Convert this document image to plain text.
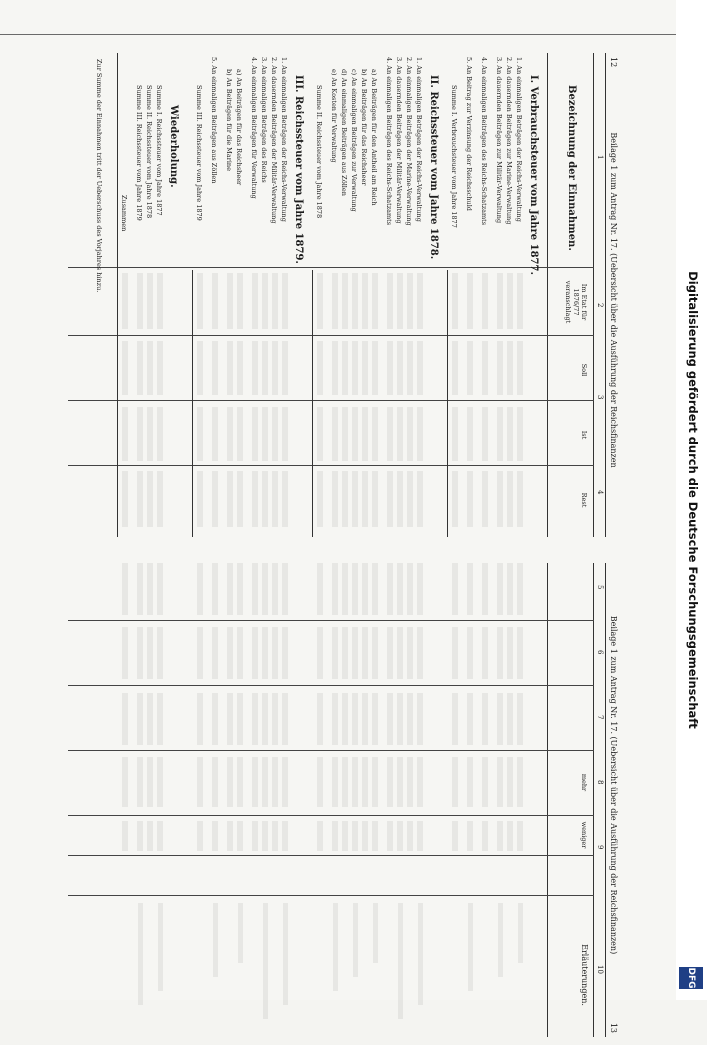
12
Beilage 1 zum Antrag Nr. 17. (Uebersicht über die Ausführung der Reichsfinanzen
1
2
3
4
Bezeichnung der Einnahmen.
Im Etat für 1876/77 veranschlagt
Soll
Ist
Rest
I. Verbrauchsteuer vom Jahre 1877.
1. An einmaligen Beträgen der Reichs-Verwaltung
2. An dauernden Beiträgen zur Marine-Verwaltung
3. An dauernden Beiträgen zur Militär-Verwaltung
4. An einmaligen Beiträgen des Reichs-Schatzamts
5. An Beitrag zur Verzinsung der Reichsschuld
Summe I. Verbrauchsteuer vom Jahre 1877
II. Reichssteuer vom Jahre 1878.
1. An einmaligen Beträgen der Reichs-Verwaltung
2. An einmaligen Beiträgen der Marine-Verwaltung
3. An dauernden Beiträgen der Militär-Verwaltung
4. An einmaligen Beiträgen des Reichs-Schatzamts
a) An Beiträgen für den Antheil am Reich
b) An Beiträgen für das Reichsheer
c) An einmaligen Beiträgen zur Verwaltung
d) An einmaligen Beiträgen aus Zöllen
e) An Kosten für Verwaltung
Summe II. Reichssteuer vom Jahre 1878
III. Reichssteuer vom Jahre 1879.
1. An einmaligen Beträgen der Reichs-Verwaltung
2. An dauernden Beiträgen der Militär-Verwaltung
3. An einmaligen Beträgen des Reichs
4. An einmaligen Beiträgen für Verwaltung
a) An Beiträgen für das Reichsheer
b) An Beiträgen für die Marine
5. An einmaligen Beiträgen aus Zöllen
Summe III. Reichssteuer vom Jahre 1879
Wiederholung.
Summe I. Reichssteuer vom Jahre 1877
Summe II. Reichssteuer vom Jahre 1878
Summe III. Reichssteuer vom Jahre 1879
Zusammen
Zur Summe der Einnahmen tritt der Ueberschuss des Vorjahres hinzu.
Beilage 1 zum Antrag Nr. 17. (Uebersicht über die Ausführung der Reichsfinanzen)
13
5
6
7
8
9
10
mehr
weniger
Erläuterungen.
Digitalisierung gefördert durch die Deutsche Forschungsgemeinschaft
DFG
